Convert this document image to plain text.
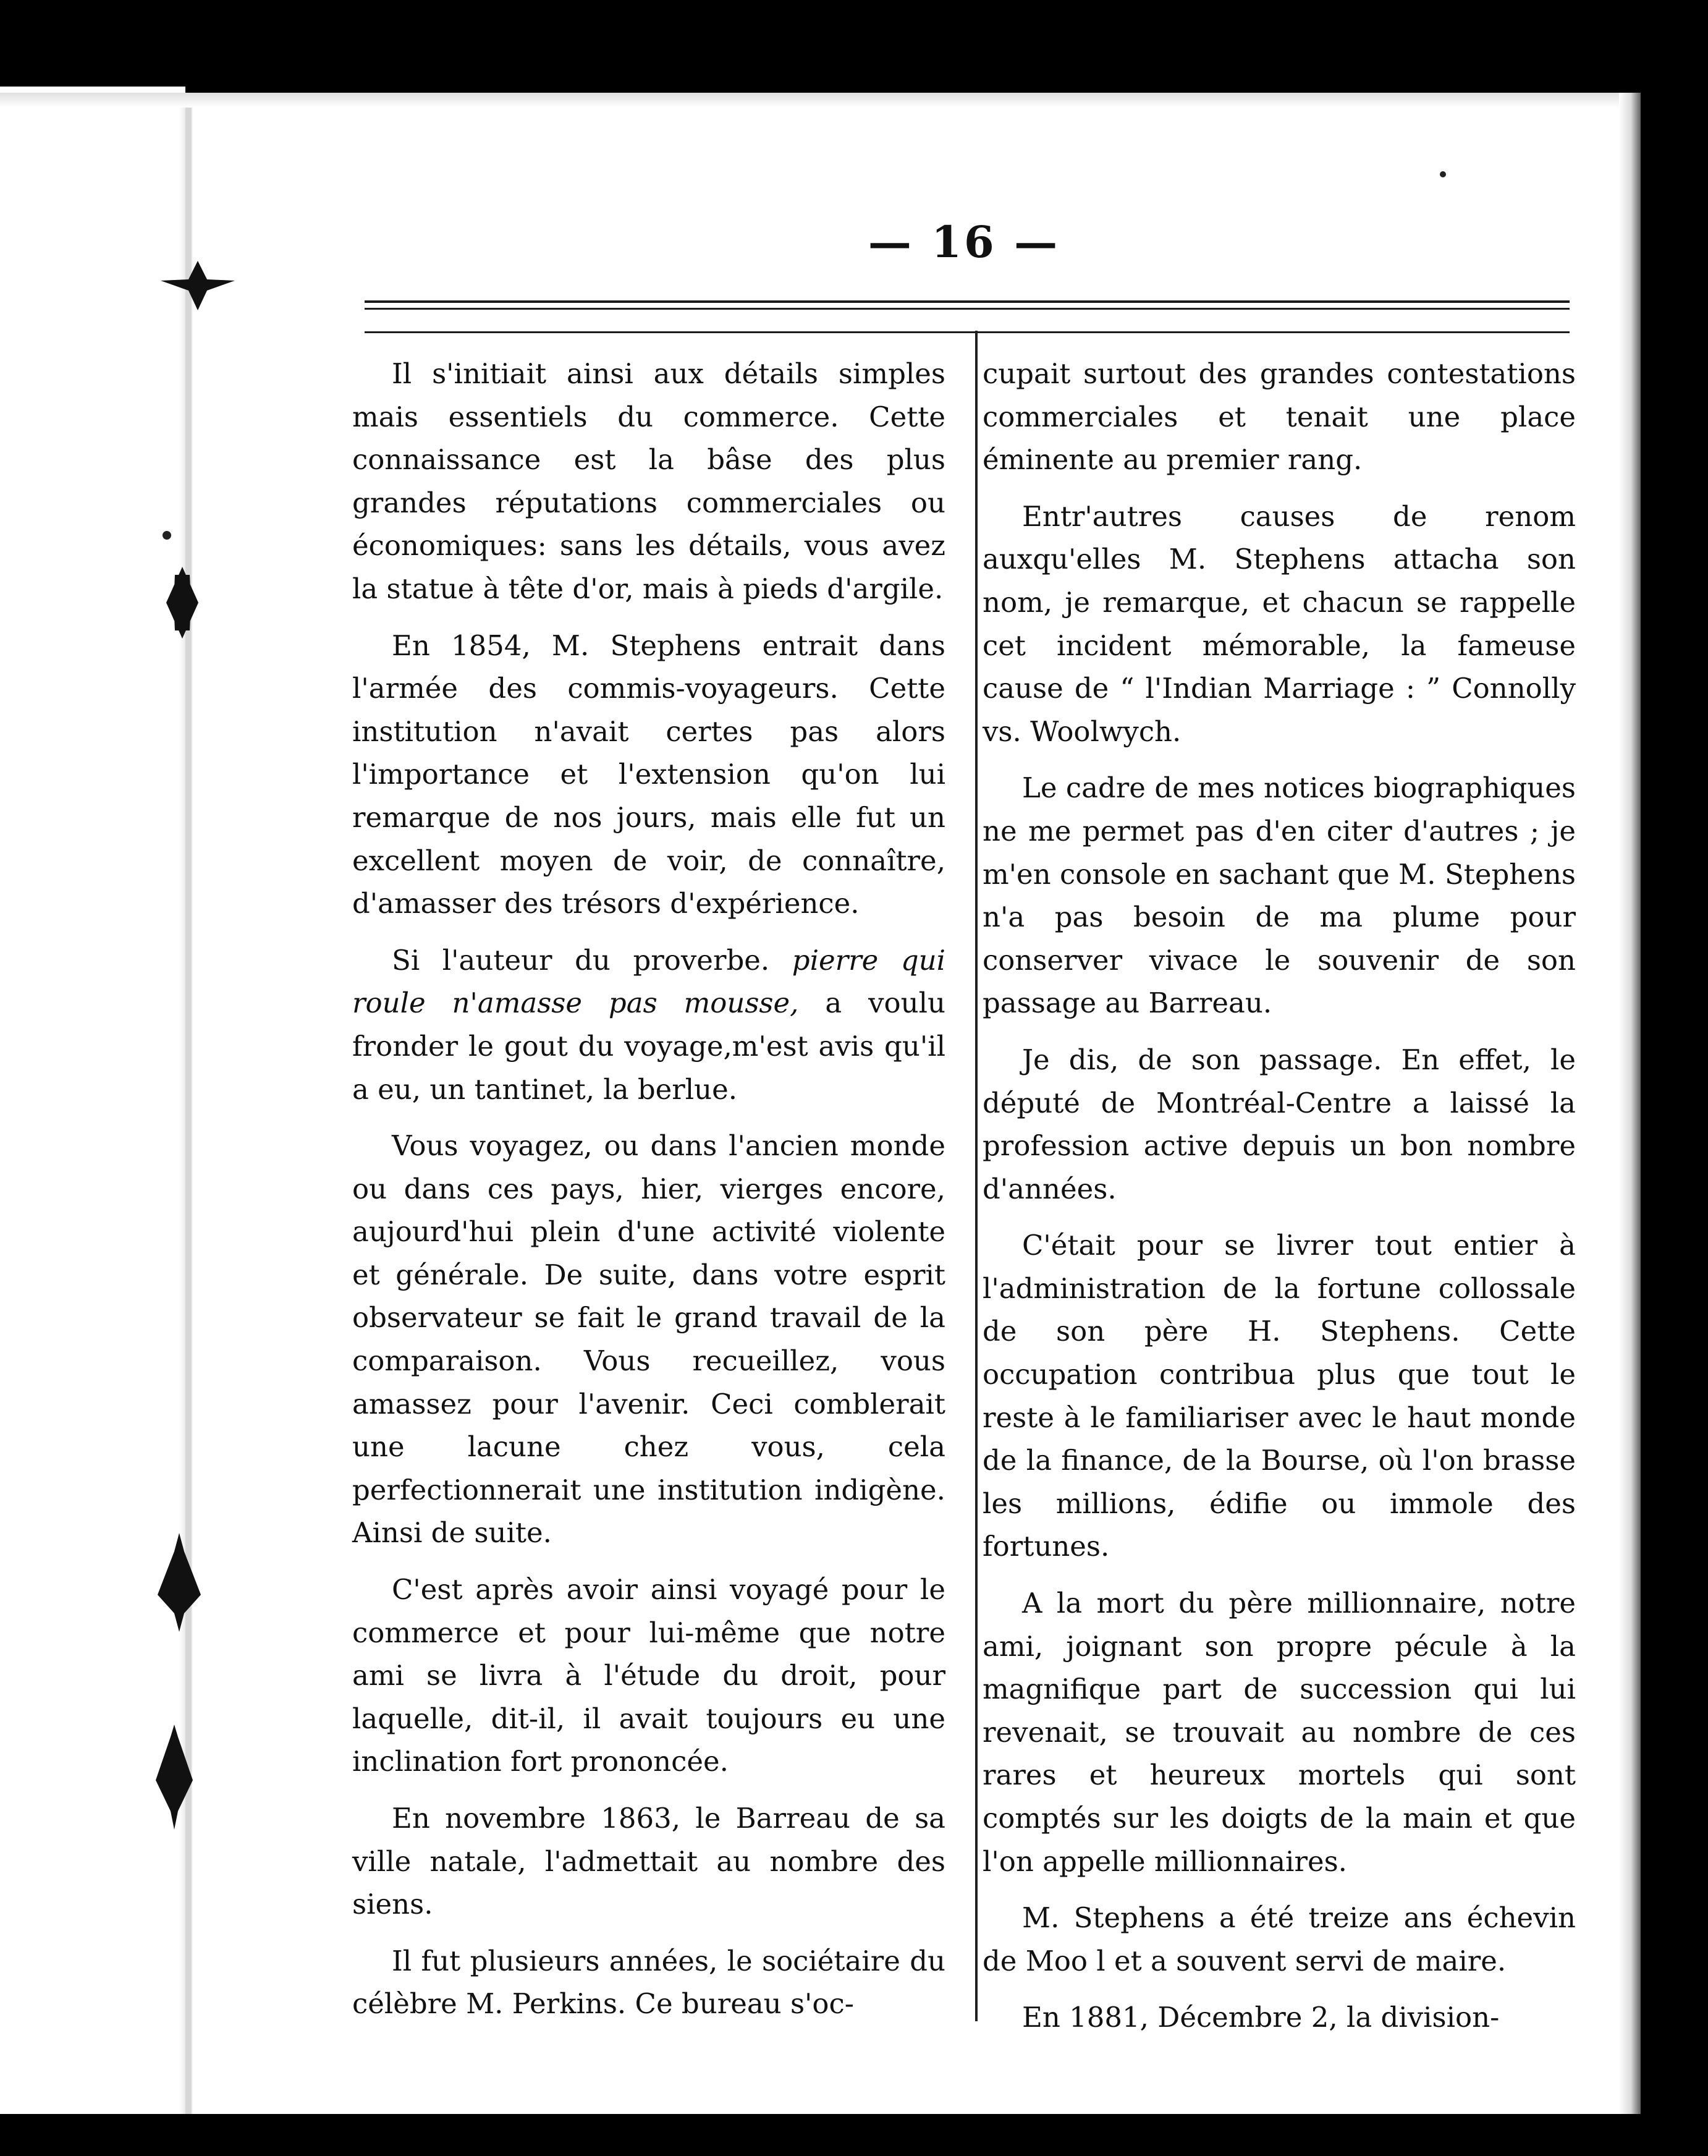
— 16 —

Il s'initiait ainsi aux détails simples mais essentiels du commerce. Cette connaissance est la bâse des plus grandes réputations commerciales ou économiques: sans les détails, vous avez la statue à tête d'or, mais à pieds d'argile.

En 1854, M. Stephens entrait dans l'armée des commis-voyageurs. Cette institution n'avait certes pas alors l'importance et l'extension qu'on lui remarque de nos jours, mais elle fut un excellent moyen de voir, de connaître, d'amasser des trésors d'expérience.

Si l'auteur du proverbe. pierre qui roule n'amasse pas mousse, a voulu fronder le gout du voyage,m'est avis qu'il a eu, un tantinet, la berlue.

Vous voyagez, ou dans l'ancien monde ou dans ces pays, hier, vierges encore, aujourd'hui plein d'une activité violente et générale. De suite, dans votre esprit observateur se fait le grand travail de la comparaison. Vous recueillez, vous amassez pour l'avenir. Ceci comblerait une lacune chez vous, cela perfectionnerait une institution indigène. Ainsi de suite.

C'est après avoir ainsi voyagé pour le commerce et pour lui-même que notre ami se livra à l'étude du droit, pour laquelle, dit-il, il avait toujours eu une inclination fort prononcée.

En novembre 1863, le Barreau de sa ville natale, l'admettait au nombre des siens.

Il fut plusieurs années, le sociétaire du célèbre M. Perkins. Ce bureau s'oc-

cupait surtout des grandes contestations commerciales et tenait une place éminente au premier rang.

Entr'autres causes de renom auxqu'elles M. Stephens attacha son nom, je remarque, et chacun se rappelle cet incident mémorable, la fameuse cause de “ l'Indian Marriage : ” Connolly vs. Woolwych.

Le cadre de mes notices biographiques ne me permet pas d'en citer d'autres ; je m'en console en sachant que M. Stephens n'a pas besoin de ma plume pour conserver vivace le souvenir de son passage au Barreau.

Je dis, de son passage. En effet, le député de Montréal-Centre a laissé la profession active depuis un bon nombre d'années.

C'était pour se livrer tout entier à l'administration de la fortune collossale de son père H. Stephens. Cette occupation contribua plus que tout le reste à le familiariser avec le haut monde de la finance, de la Bourse, où l'on brasse les millions, édifie ou immole des fortunes.

A la mort du père millionnaire, notre ami, joignant son propre pécule à la magnifique part de succession qui lui revenait, se trouvait au nombre de ces rares et heureux mortels qui sont comptés sur les doigts de la main et que l'on appelle millionnaires.

M. Stephens a été treize ans échevin de Moo l et a souvent servi de maire.

En 1881, Décembre 2, la division-
